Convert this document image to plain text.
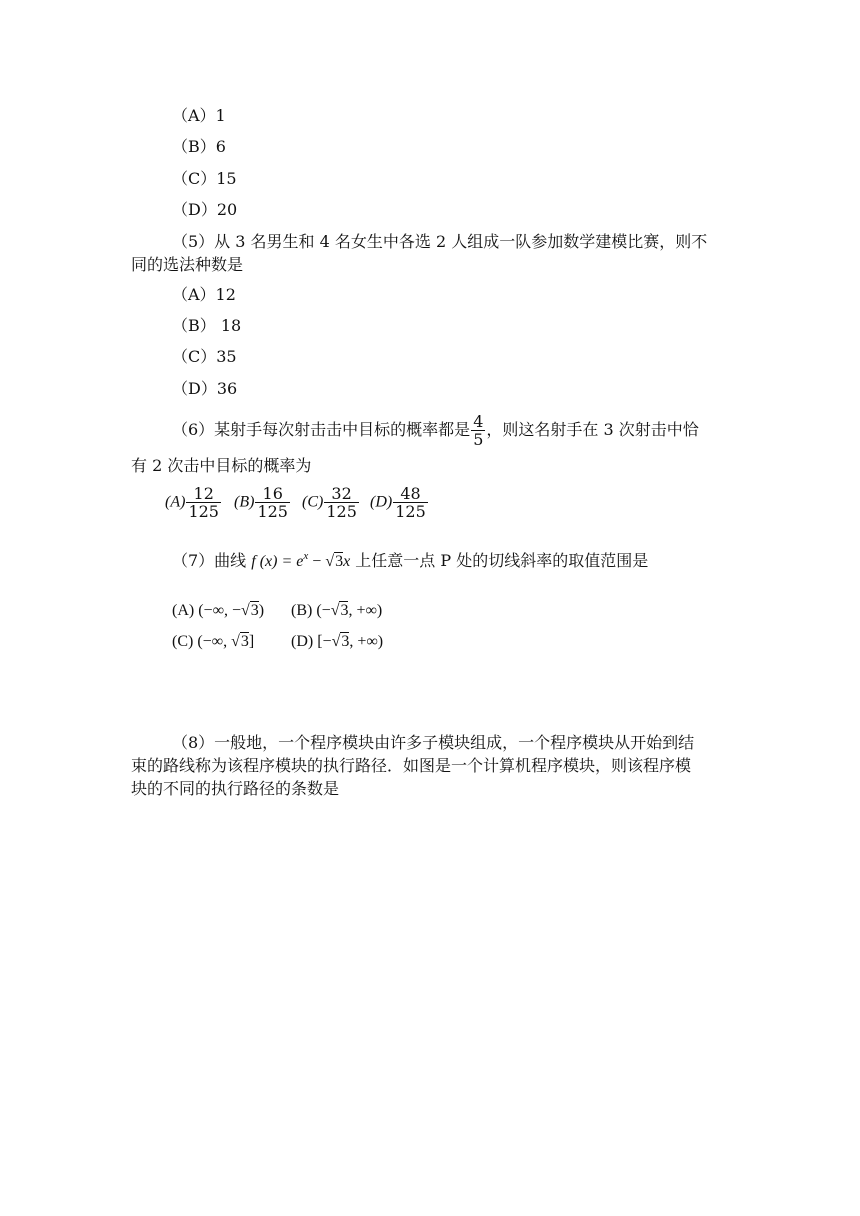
（A）1
（B）6
（C）15
（D）20
（5）从 3 名男生和 4 名女生中各选 2 人组成一队参加数学建模比赛，则不
同的选法种数是
（A）12
（B） 18
（C）35
（D）36
（6）某射手每次射击击中目标的概率都是 $\frac{4}{5}$ ，则这名射手在 3 次射击中恰
有 2 次击中目标的概率为
$(A) \frac{12}{125} (B) \frac{16}{125} (C) \frac{32}{125} (D) \frac{48}{125}$
（7）曲线 f $(x) = e^x - √3x$ 上任意一点 P 处的切线斜率的取值范围是
(A) (−∞, −√3) (B) (−√3, +∞)
(C) (−∞, √3] (D) [−√3, +∞)
（8）一般地，一个程序模块由许多子模块组成，一个程序模块从开始到结
束的路线称为该程序模块的执行路径．如图是一个计算机程序模块，则该程序模
块的不同的执行路径的条数是
